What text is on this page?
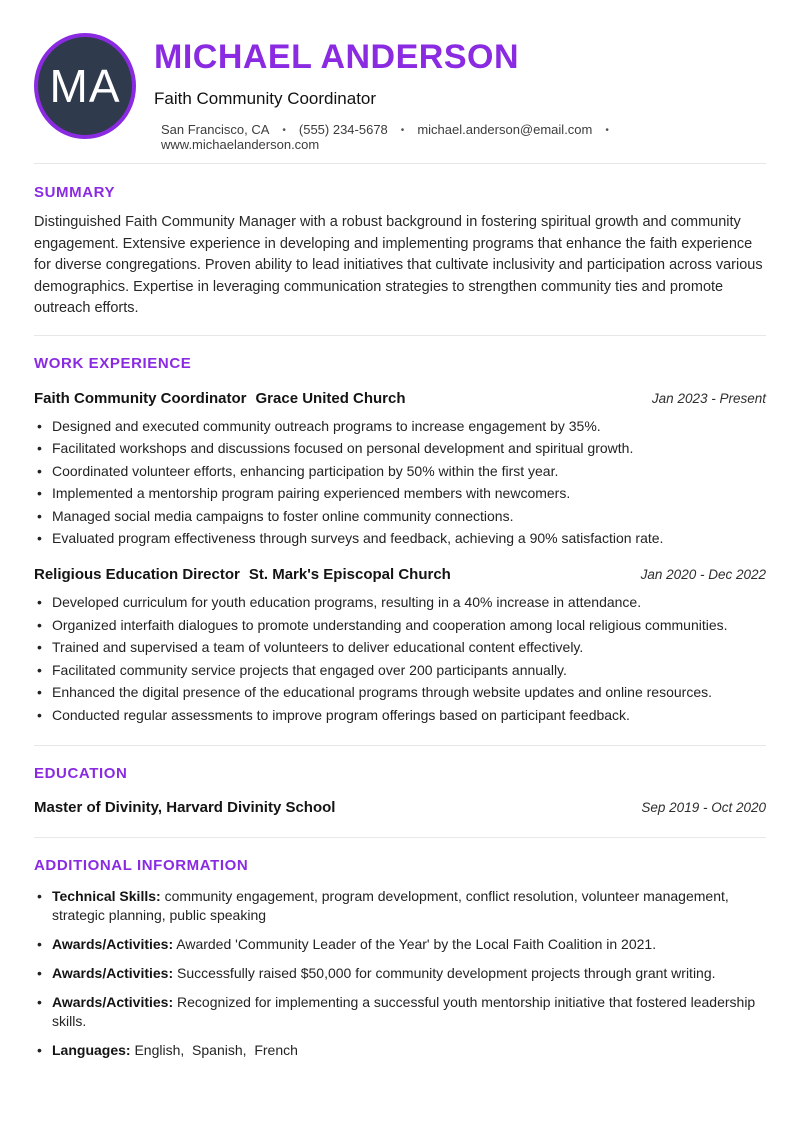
MA
MICHAEL ANDERSON
Faith Community Coordinator
San Francisco, CA • (555) 234-5678 • michael.anderson@email.com •www.michaelanderson.com
SUMMARY

Distinguished Faith Community Manager with a robust background in fostering spiritual growth and community engagement. Extensive experience in developing and implementing programs that enhance the faith experience for diverse congregations. Proven ability to lead initiatives that cultivate inclusivity and participation across various demographics. Expertise in leveraging communication strategies to strengthen community ties and promote outreach efforts.

WORK EXPERIENCE
Faith Community Coordinator Grace United Church	Jan 2023 - Present
• Designed and executed community outreach programs to increase engagement by 35%.
• Facilitated workshops and discussions focused on personal development and spiritual growth.
• Coordinated volunteer efforts, enhancing participation by 50% within the first year.
• Implemented a mentorship program pairing experienced members with newcomers.
• Managed social media campaigns to foster online community connections.
• Evaluated program effectiveness through surveys and feedback, achieving a 90% satisfaction rate.
Religious Education Director St. Mark's Episcopal Church	Jan 2020 - Dec 2022
• Developed curriculum for youth education programs, resulting in a 40% increase in attendance.
• Organized interfaith dialogues to promote understanding and cooperation among local religious communities.
• Trained and supervised a team of volunteers to deliver educational content effectively.
• Facilitated community service projects that engaged over 200 participants annually.
• Enhanced the digital presence of the educational programs through website updates and online resources.
• Conducted regular assessments to improve program offerings based on participant feedback.
EDUCATION
Master of Divinity, Harvard Divinity School	Sep 2019 - Oct 2020
ADDITIONAL INFORMATION
• Technical Skills: community engagement, program development, conflict resolution, volunteer management, strategic planning, public speaking
• Awards/Activities: Awarded 'Community Leader of the Year' by the Local Faith Coalition in 2021.
• Awards/Activities: Successfully raised $50,000 for community development projects through grant writing.
• Awards/Activities: Recognized for implementing a successful youth mentorship initiative that fostered leadership skills.
• Languages: English,  Spanish,  French
